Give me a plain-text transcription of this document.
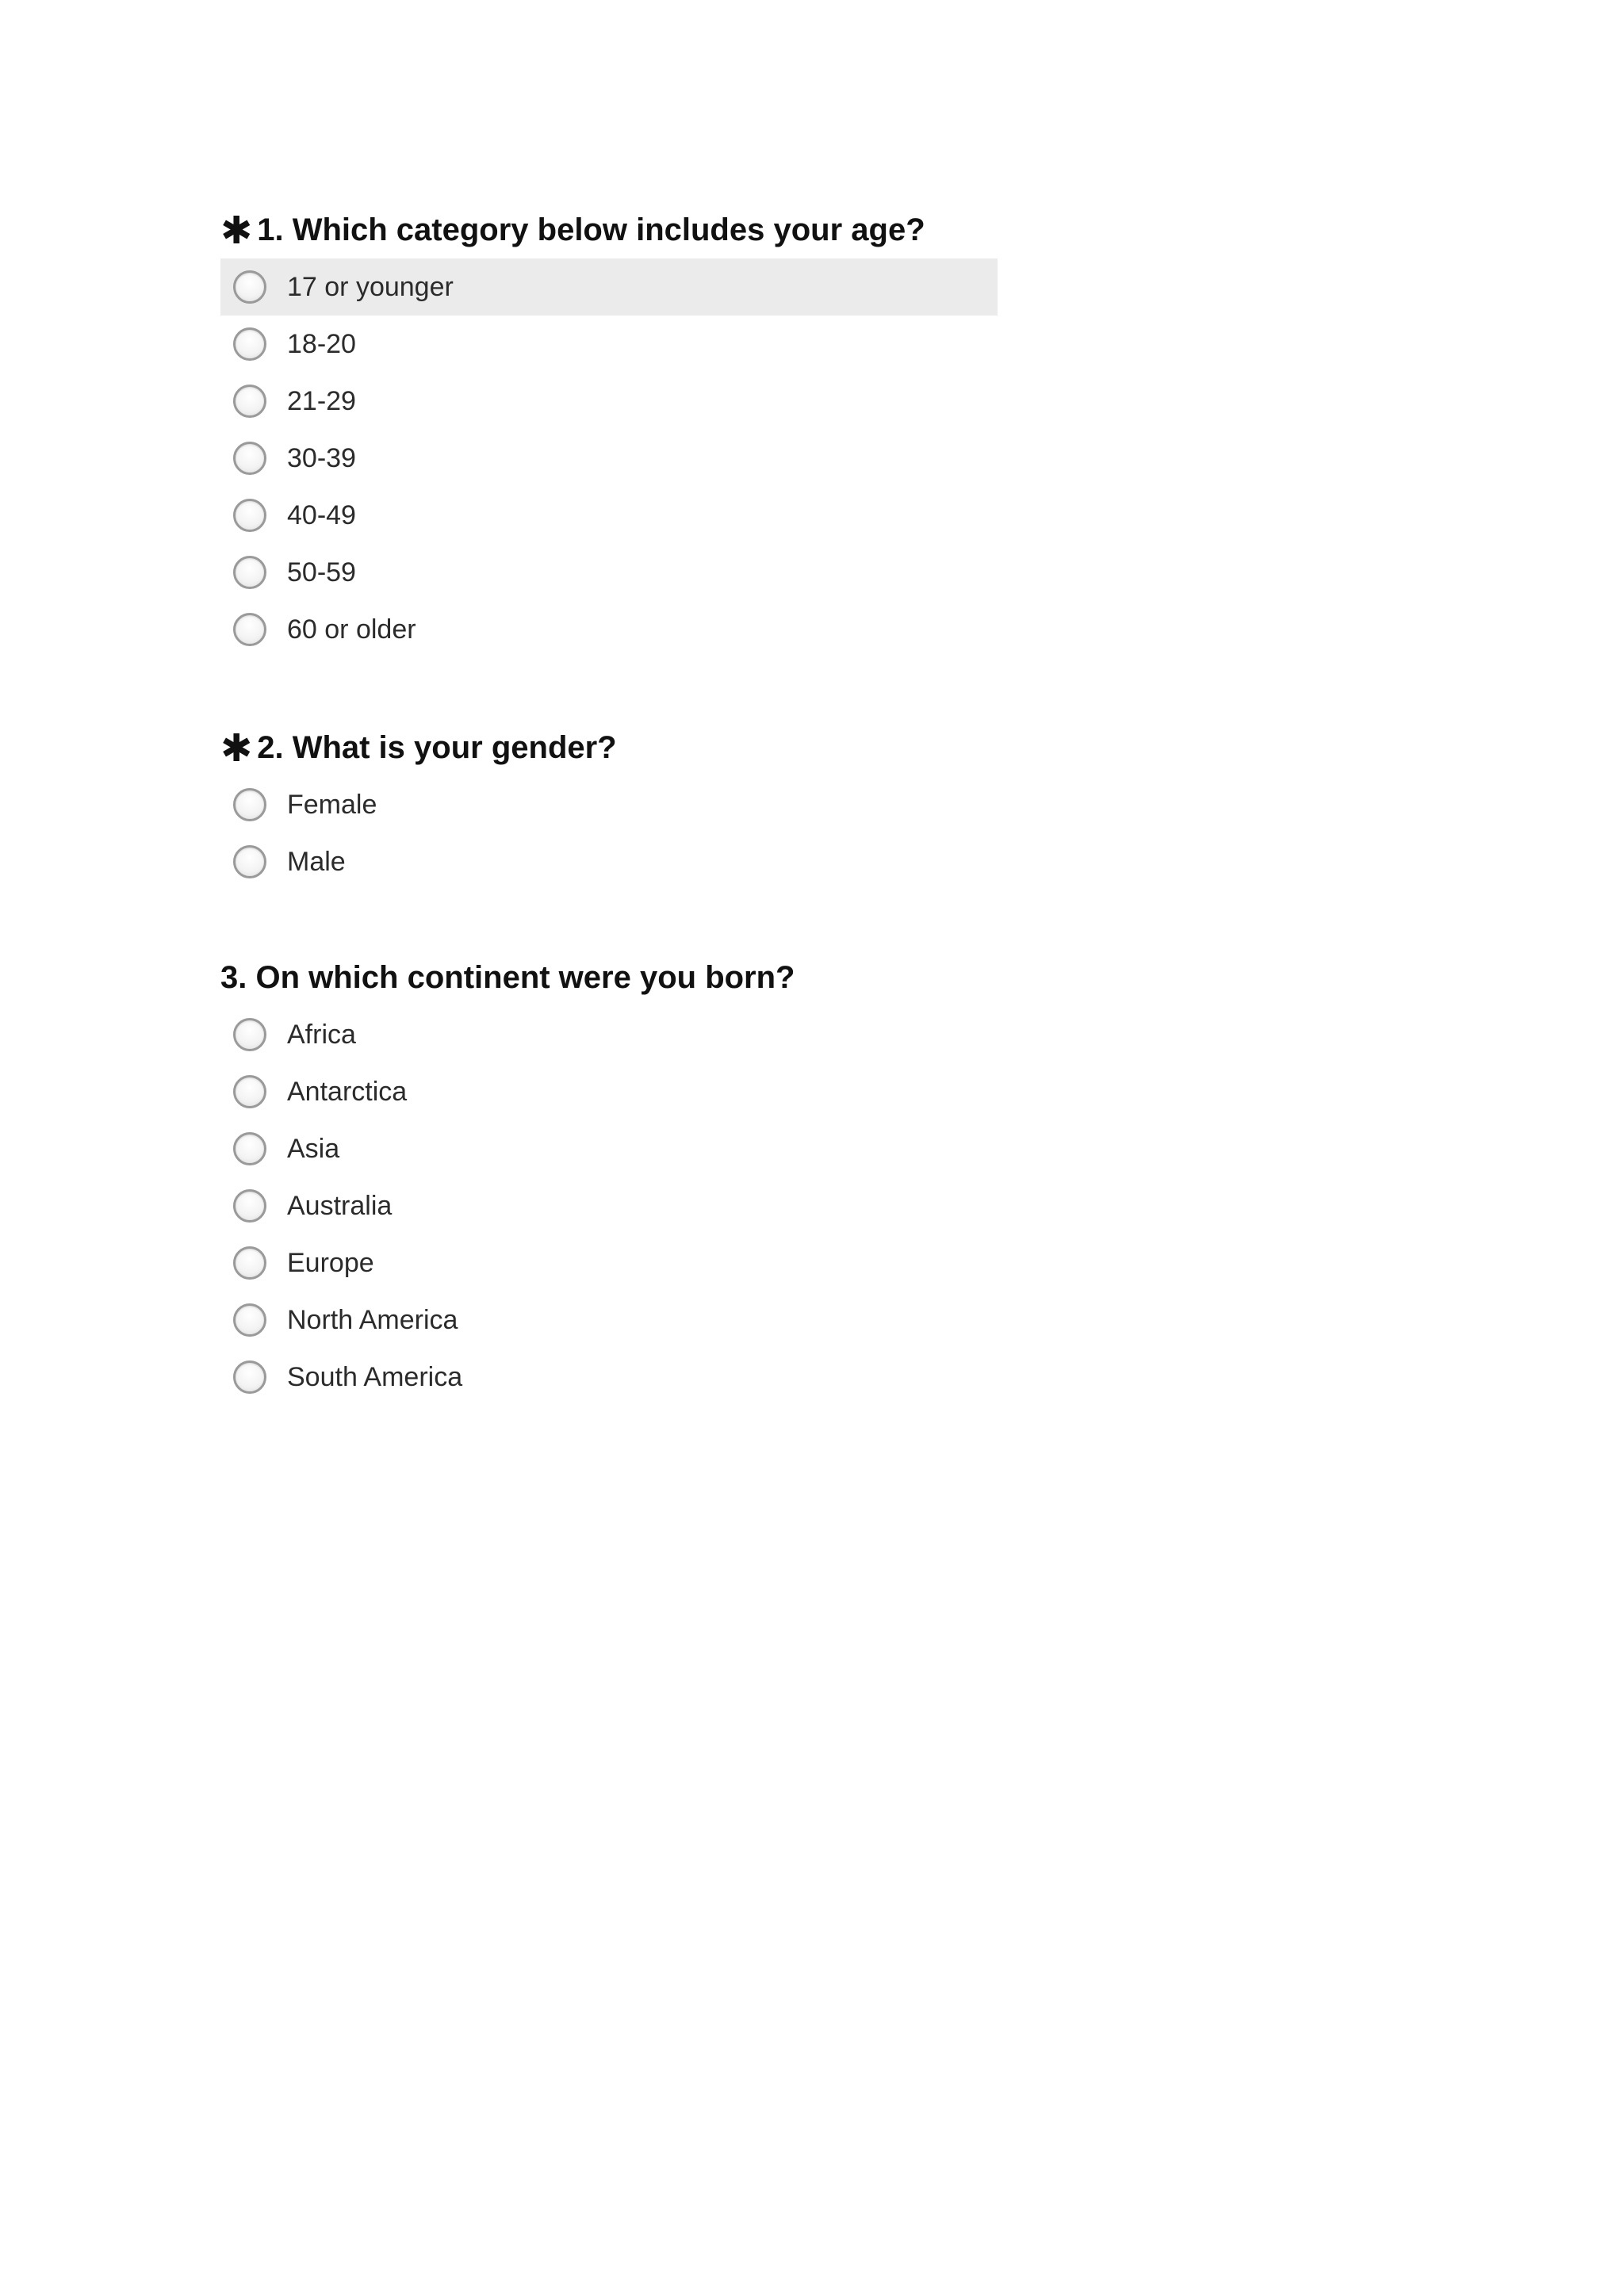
✱ 1. Which category below includes your age?
17 or younger
18-20
21-29
30-39
40-49
50-59
60 or older
✱ 2. What is your gender?
Female
Male
3. On which continent were you born?
Africa
Antarctica
Asia
Australia
Europe
North America
South America
